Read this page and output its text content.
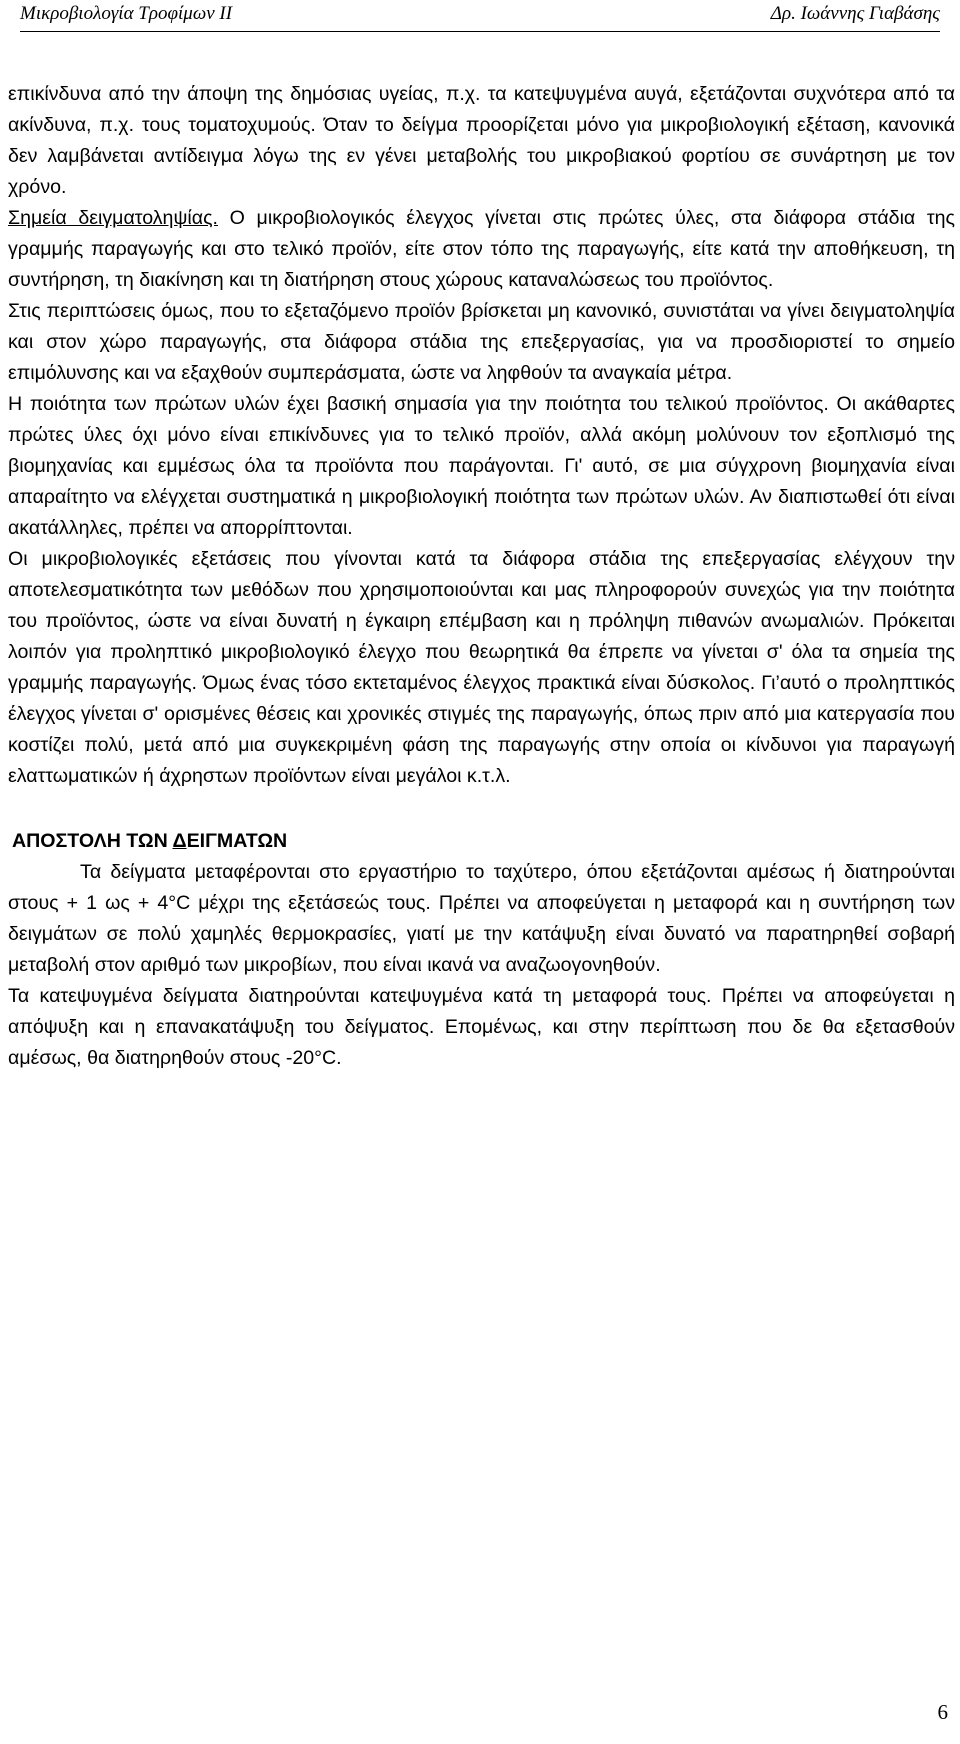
Μικροβιολογία Τροφίμων ΙΙ	Δρ. Ιωάννης Γιαβάσης

επικίνδυνα από την άποψη της δημόσιας υγείας, π.χ. τα κατεψυγμένα αυγά, εξετάζονται συχνότερα από τα ακίνδυνα, π.χ. τους τοματοχυμούς. Όταν το δείγμα προορίζεται μόνο για μικροβιολογική εξέταση, κανονικά δεν λαμβάνεται αντίδειγμα λόγω της εν γένει μεταβολής του μικροβιακού φορτίου σε συνάρτηση με τον χρόνο.

Σημεία δειγματοληψίας. Ο μικροβιολογικός έλεγχος γίνεται στις πρώτες ύλες, στα διάφορα στάδια της γραμμής παραγωγής και στο τελικό προϊόν, είτε στον τόπο της παραγωγής, είτε κατά την αποθήκευση, τη συντήρηση, τη διακίνηση και τη διατήρηση στους χώρους καταναλώσεως του προϊόντος.

Στις περιπτώσεις όμως, που το εξεταζόμενο προϊόν βρίσκεται μη κανονικό, συνιστάται να γίνει δειγματοληψία και στον χώρο παραγωγής, στα διάφορα στάδια της επεξεργασίας, για να προσδιοριστεί το σημείο επιμόλυνσης και να εξαχθούν συμπεράσματα, ώστε να ληφθούν τα αναγκαία μέτρα.

Η ποιότητα των πρώτων υλών έχει βασική σημασία για την ποιότητα του τελικού προϊόντος. Οι ακάθαρτες πρώτες ύλες όχι μόνο είναι επικίνδυνες για το τελικό προϊόν, αλλά ακόμη μολύνουν τον εξοπλισμό της βιομηχανίας και εμμέσως όλα τα προϊόντα που παράγονται. Γι' αυτό, σε μια σύγχρονη βιομηχανία είναι απαραίτητο να ελέγχεται συστηματικά η μικροβιολογική ποιότητα των πρώτων υλών. Αν διαπιστωθεί ότι είναι ακατάλληλες, πρέπει να απορρίπτονται.

Οι μικροβιολογικές εξετάσεις που γίνονται κατά τα διάφορα στάδια της επεξεργασίας ελέγχουν την αποτελεσματικότητα των μεθόδων που χρησιμοποιούνται και μας πληροφορούν συνεχώς για την ποιότητα του προϊόντος, ώστε να είναι δυνατή η έγκαιρη επέμβαση και η πρόληψη πιθανών ανωμαλιών. Πρόκειται λοιπόν για προληπτικό μικροβιολογικό έλεγχο που θεωρητικά θα έπρεπε να γίνεται σ' όλα τα σημεία της γραμμής παραγωγής. Όμως ένας τόσο εκτεταμένος έλεγχος πρακτικά είναι δύσκολος. Γι’αυτό ο προληπτικός έλεγχος γίνεται σ' ορισμένες θέσεις και χρονικές στιγμές της παραγωγής, όπως πριν από μια κατεργασία που κοστίζει πολύ, μετά από μια συγκεκριμένη φάση της παραγωγής στην οποία οι κίνδυνοι για παραγωγή ελαττωματικών ή άχρηστων προϊόντων είναι μεγάλοι κ.τ.λ.

ΑΠΟΣΤΟΛΗ ΤΩΝ ΔΕΙΓΜΑΤΩΝ

Τα δείγματα μεταφέρονται στο εργαστήριο το ταχύτερο, όπου εξετάζονται αμέσως ή διατηρούνται στους + 1 ως + 4°C μέχρι της εξετάσεώς τους. Πρέπει να αποφεύγεται η μεταφορά και η συντήρηση των δειγμάτων σε πολύ χαμηλές θερμοκρασίες, γιατί με την κατάψυξη είναι δυνατό να παρατηρηθεί σοβαρή μεταβολή στον αριθμό των μικροβίων, που είναι ικανά να αναζωογονηθούν.

Τα κατεψυγμένα δείγματα διατηρούνται κατεψυγμένα κατά τη μεταφορά τους. Πρέπει να αποφεύγεται η απόψυξη και η επανακατάψυξη του δείγματος. Επομένως, και στην περίπτωση που δε θα εξετασθούν αμέσως, θα διατηρηθούν στους -20°C.

6
